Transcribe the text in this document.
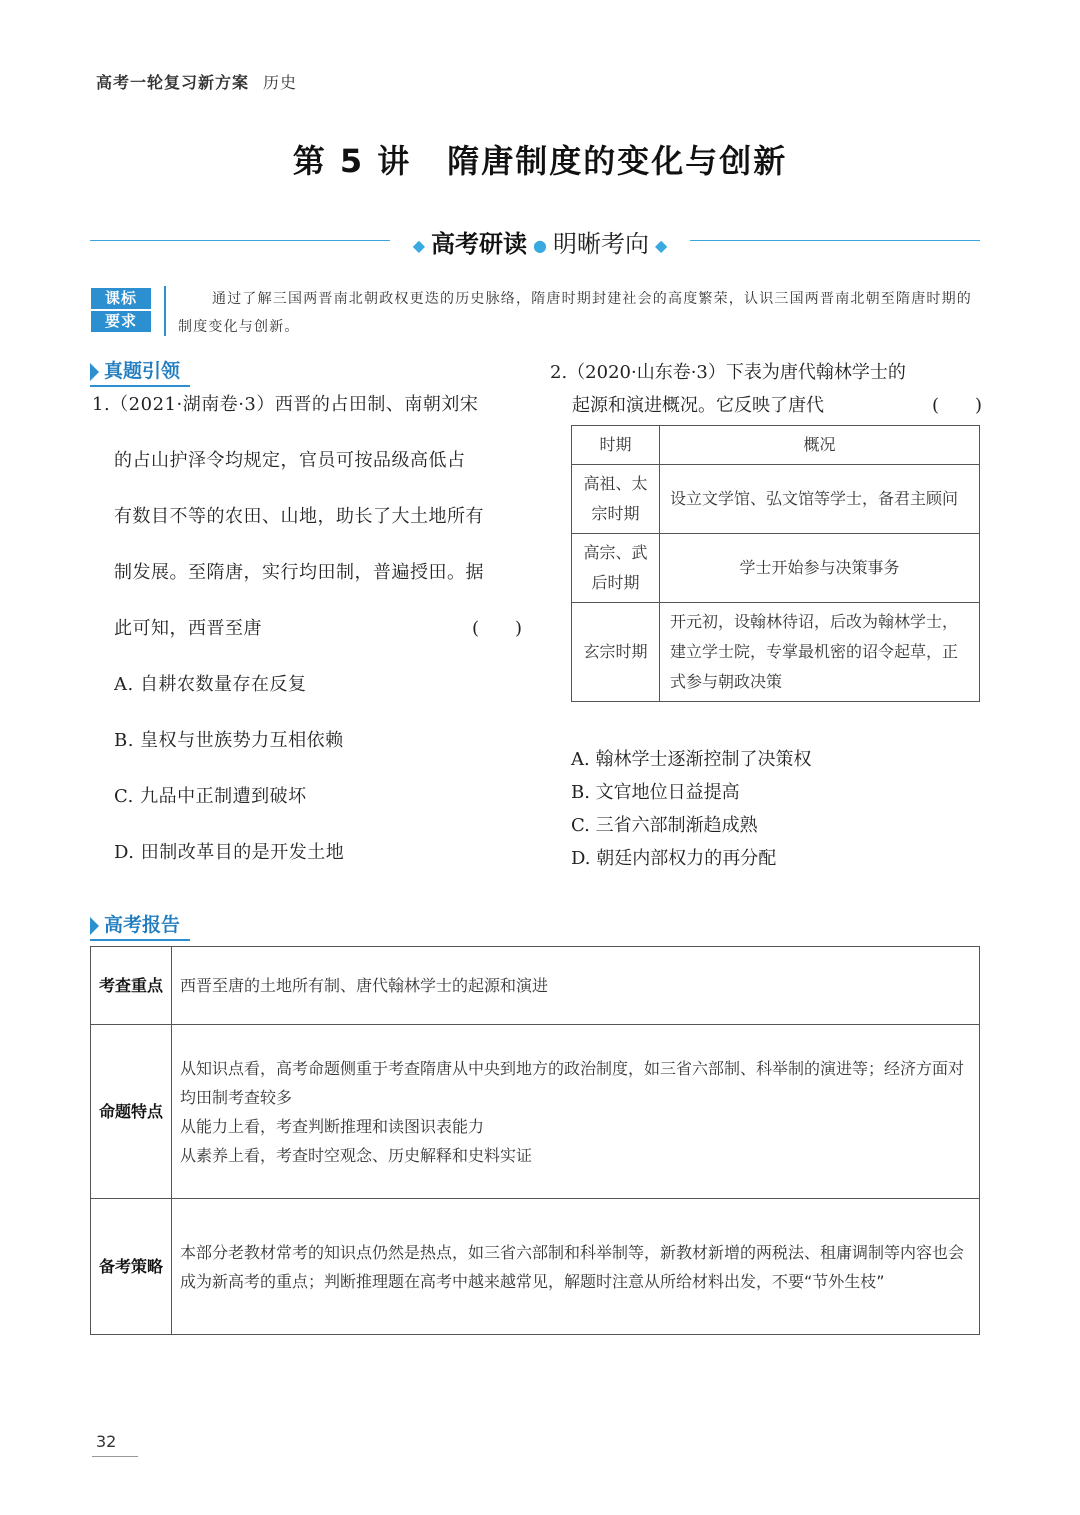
高考一轮复习新方案 历史
第 5 讲 隋唐制度的变化与创新
◆ 高考研读 ● 明晰考向 ◆
课标
要求
通过了解三国两晋南北朝政权更迭的历史脉络，隋唐时期封建社会的高度繁荣，认识三国两晋南北朝至隋唐时期的制度变化与创新。
真题引领
1.（2021·湖南卷·3）西晋的占田制、南朝刘宋
的占山护泽令均规定，官员可按品级高低占
有数目不等的农田、山地，助长了大土地所有
制发展。至隋唐，实行均田制，普遍授田。据
此可知，西晋至唐	(　　)
A. 自耕农数量存在反复
B. 皇权与世族势力互相依赖
C. 九品中正制遭到破坏
D. 田制改革目的是开发土地
2.（2020·山东卷·3）下表为唐代翰林学士的
起源和演进概况。它反映了唐代	(　　)
时期	概况
高祖、太宗时期	设立文学馆、弘文馆等学士，备君主顾问
高宗、武后时期	学士开始参与决策事务
玄宗时期	开元初，设翰林待诏，后改为翰林学士，建立学士院，专掌最机密的诏令起草，正式参与朝政决策
A. 翰林学士逐渐控制了决策权
B. 文官地位日益提高
C. 三省六部制渐趋成熟
D. 朝廷内部权力的再分配
高考报告
考查重点	西晋至唐的土地所有制、唐代翰林学士的起源和演进

命题特点	从知识点看，高考命题侧重于考查隋唐从中央到地方的政治制度，如三省六部制、科举制的演进等；经济方面对均田制考查较多
从能力上看，考查判断推理和读图识表能力
从素养上看，考查时空观念、历史解释和史料实证

备考策略	本部分老教材常考的知识点仍然是热点，如三省六部制和科举制等，新教材新增的两税法、租庸调制等内容也会成为新高考的重点；判断推理题在高考中越来越常见，解题时注意从所给材料出发，不要“节外生枝”
32
